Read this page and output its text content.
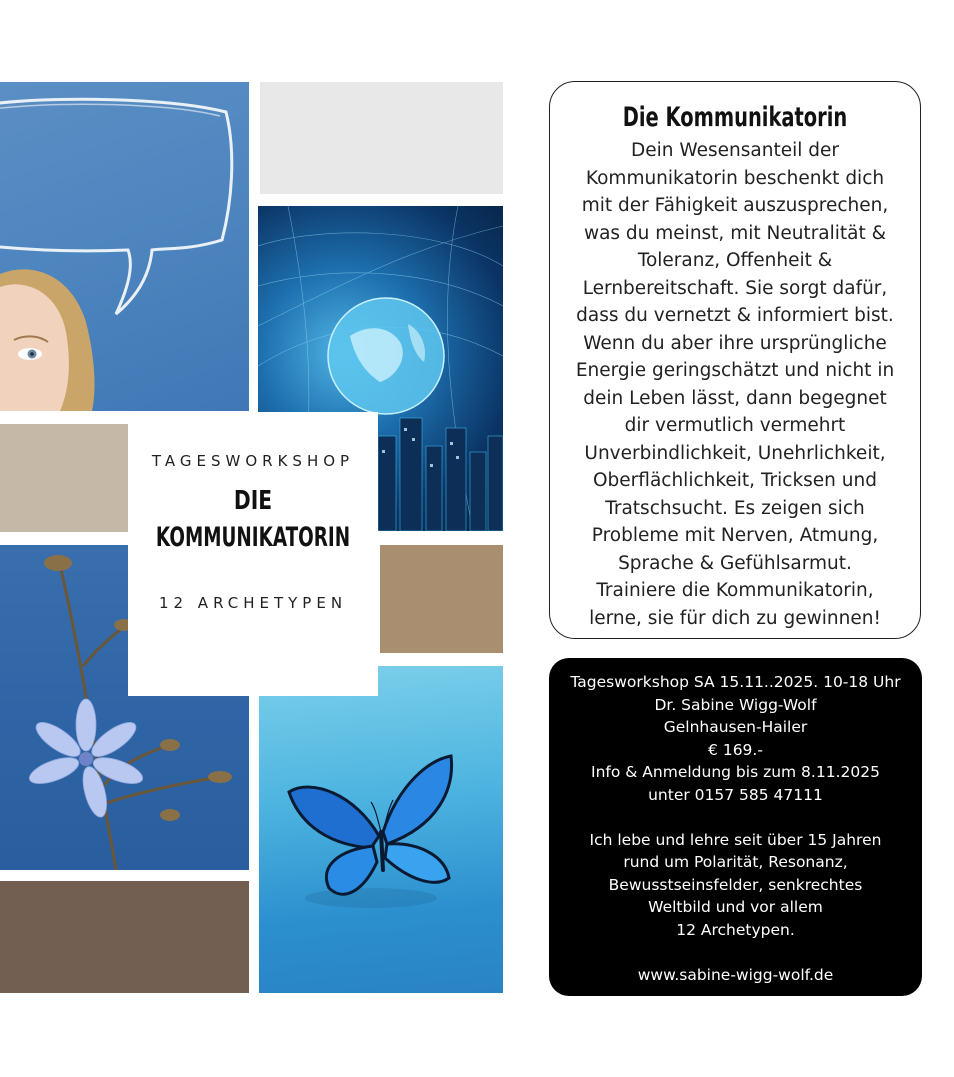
TAGESWORKSHOP
DIE
KOMMUNIKATORIN
12 ARCHETYPEN
Die Kommunikatorin
Dein Wesensanteil der
Kommunikatorin beschenkt dich
mit der Fähigkeit auszusprechen,
was du meinst, mit Neutralität &
Toleranz, Offenheit &
Lernbereitschaft. Sie sorgt dafür,
dass du vernetzt & informiert bist.
Wenn du aber ihre ursprüngliche
Energie geringschätzt und nicht in
dein Leben lässt, dann begegnet
dir vermutlich vermehrt
Unverbindlichkeit, Unehrlichkeit,
Oberflächlichkeit, Tricksen und
Tratschsucht. Es zeigen sich
Probleme mit Nerven, Atmung,
Sprache & Gefühlsarmut.
Trainiere die Kommunikatorin,
lerne, sie für dich zu gewinnen!
Tagesworkshop SA 15.11..2025. 10-18 Uhr
Dr. Sabine Wigg-Wolf
Gelnhausen-Hailer
€ 169.-
Info & Anmeldung bis zum 8.11.2025
unter 0157 585 47111
Ich lebe und lehre seit über 15 Jahren
rund um Polarität, Resonanz,
Bewusstseinsfelder, senkrechtes
Weltbild und vor allem
12 Archetypen.
www.sabine-wigg-wolf.de
